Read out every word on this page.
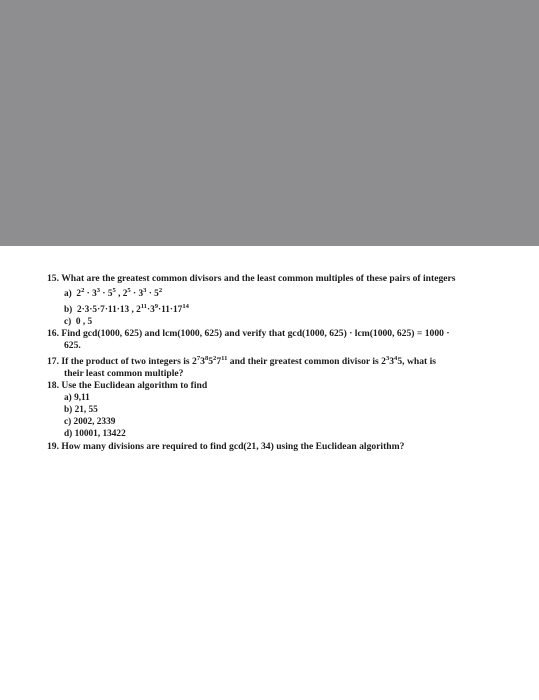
15. What are the greatest common divisors and the least common multiples of these pairs of integers
a) $2^2 \cdot 3^3 \cdot 5^5$ , $2^5 \cdot 3^3 \cdot 5^2$
b) 2·3·5·7·11·13 , $2^{11}\cdot 3^9\cdot 11\cdot 17^{14}$
c) 0 , 5
16. Find gcd(1000, 625) and lcm(1000, 625) and verify that gcd(1000, 625) · lcm(1000, 625) = 1000 ·
625.
17. If the product of two integers is $2^73^85^27^{11}$ and their greatest common divisor is $2^33^45$, what is
their least common multiple?
18. Use the Euclidean algorithm to find
a) 9,11
b) 21, 55
c) 2002, 2339
d) 10001, 13422
19. How many divisions are required to find gcd(21, 34) using the Euclidean algorithm?
